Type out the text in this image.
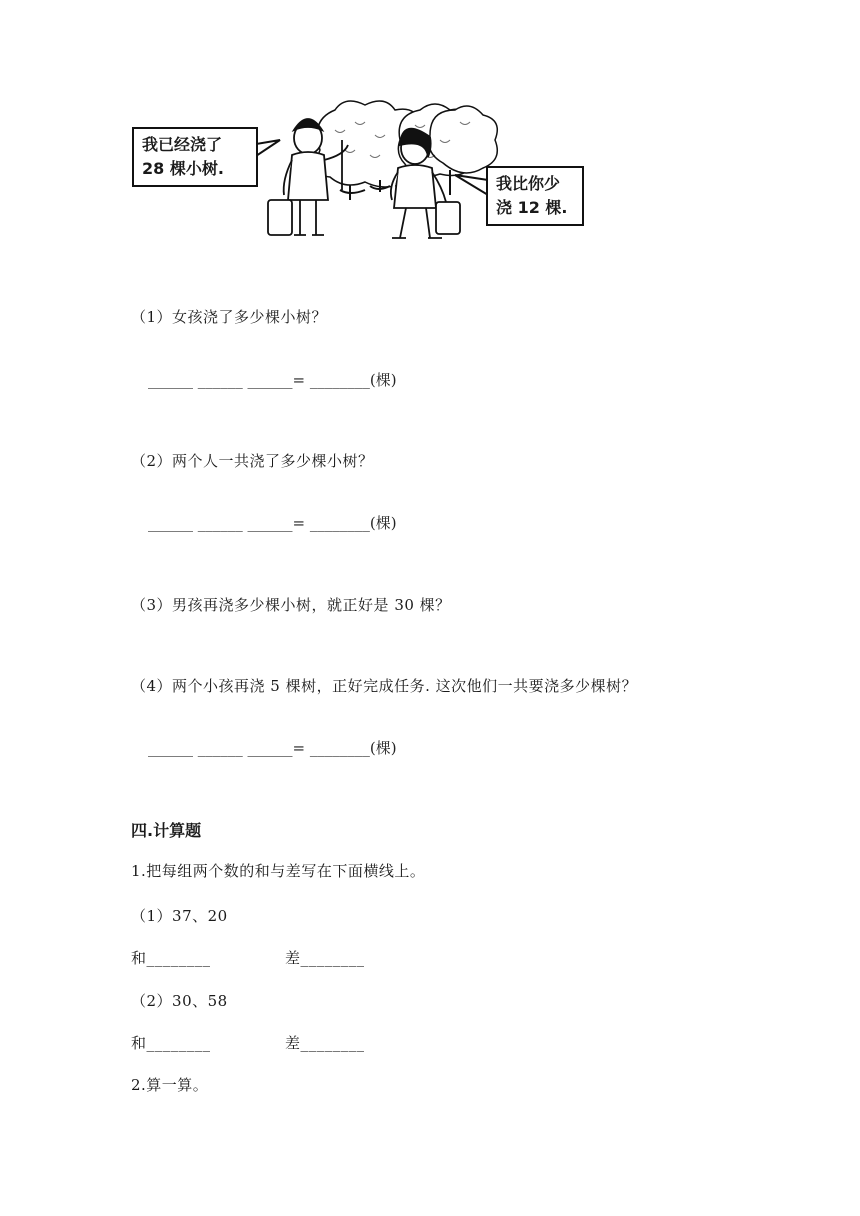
我已经浇了
28 棵小树.
我比你少
浇 12 棵.
（1）女孩浇了多少棵小树？
______ ______ ______= ________(棵)
（2）两个人一共浇了多少棵小树？
______ ______ ______= ________(棵)
（3）男孩再浇多少棵小树，就正好是 30 棵？
（4）两个小孩再浇 5 棵树，正好完成任务. 这次他们一共要浇多少棵树？
______ ______ ______= ________(棵)
四.计算题
1.把每组两个数的和与差写在下面横线上。
（1）37、20
和________	差________
（2）30、58
和________	差________
2.算一算。
